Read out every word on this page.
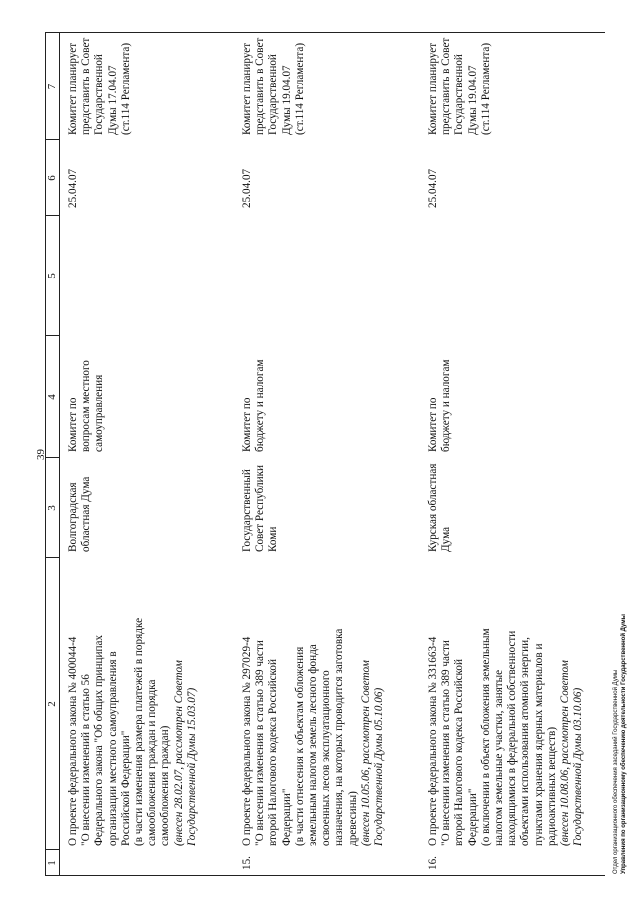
39
1
2
3
4
5
6
7
О проекте федерального закона № 400044-4 "О внесении изменений в статью 56 Федерального закона "Об общих принципах организации местного самоуправления в Российской Федерации" (в части изменения размера платежей в порядке самообложения граждан и порядка самообложения граждан) (внесен 28.02.07, рассмотрен Советом Государственной Думы 15.03.07)
Волгоградская областная Дума
Комитет по вопросам местного самоуправления
25.04.07
Комитет планирует представить в Совет Государственной Думы 17.04.07 (ст.114 Регламента)
15.
О проекте федерального закона № 297029-4 "О внесении изменения в статью 389 части второй Налогового кодекса Российской Федерации" (в части отнесения к объектам обложения земельным налогом земель лесного фонда освоенных лесов эксплуатационного назначения, на которых проводится заготовка древесины) (внесен 10.05.06, рассмотрен Советом Государственной Думы 05.10.06)
Государственный Совет Республики Коми
Комитет по бюджету и налогам
25.04.07
Комитет планирует представить в Совет Государственной Думы 19.04.07 (ст.114 Регламента)
16.
О проекте федерального закона № 331663-4 "О внесении изменения в статью 389 части второй Налогового кодекса Российской Федерации" (о включении в объект обложения земельным налогом земельные участки, занятые находящимися в федеральной собственности объектами использования атомной энергии, пунктами хранения ядерных материалов и радиоактивных веществ) (внесен 10.08.06, рассмотрен Советом Государственной Думы 03.10.06)
Курская областная Дума
Комитет по бюджету и налогам
25.04.07
Комитет планирует представить в Совет Государственной Думы 19.04.07 (ст.114 Регламента)
Отдел организационного обеспечения заседаний Государственной Думы Управления по организационному обеспечению деятельности Государственной Думы
